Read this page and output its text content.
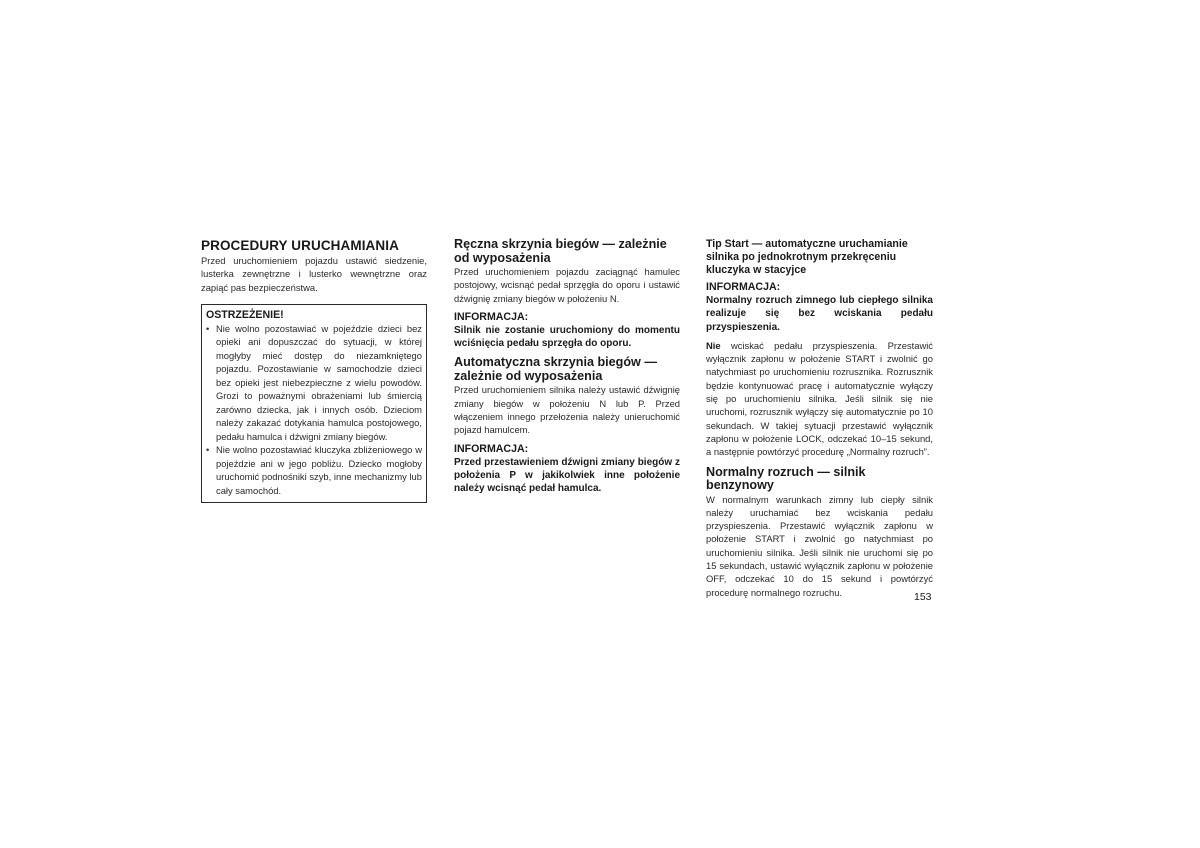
PROCEDURY URUCHAMIANIA

Przed uruchomieniem pojazdu ustawić siedzenie, lusterka zewnętrzne i lusterko wewnętrzne oraz zapiąć pas bezpieczeństwa.

OSTRZEŻENIE!

• Nie wolno pozostawiać w pojeździe dzieci bez opieki ani dopuszczać do sytuacji, w której mogłyby mieć dostęp do niezamkniętego pojazdu. Pozostawianie w samochodzie dzieci bez opieki jest niebezpieczne z wielu powodów. Grozi to poważnymi obrażeniami lub śmiercią zarówno dziecka, jak i innych osób. Dzieciom należy zakazać dotykania hamulca postojowego, pedału hamulca i dźwigni zmiany biegów.
• Nie wolno pozostawiać kluczyka zbliżeniowego w pojeździe ani w jego pobliżu. Dziecko mogłoby uruchomić podnośniki szyb, inne mechanizmy lub cały samochód.
Ręczna skrzynia biegów — zależnie od wyposażenia

Przed uruchomieniem pojazdu zaciągnąć hamulec postojowy, wcisnąć pedał sprzęgła do oporu i ustawić dźwignię zmiany biegów w położeniu N.

INFORMACJA:

Silnik nie zostanie uruchomiony do momentu wciśnięcia pedału sprzęgła do oporu.

Automatyczna skrzynia biegów — zależnie od wyposażenia

Przed uruchomieniem silnika należy ustawić dźwignię zmiany biegów w położeniu N lub P. Przed włączeniem innego przełożenia należy unieruchomić pojazd hamulcem.

INFORMACJA:

Przed przestawieniem dźwigni zmiany biegów z położenia P w jakikolwiek inne położenie należy wcisnąć pedał hamulca.

Tip Start — automatyczne uruchamianie silnika po jednokrotnym przekręceniu kluczyka w stacyjce

INFORMACJA:

Normalny rozruch zimnego lub ciepłego silnika realizuje się bez wciskania pedału przyspieszenia.

Nie wciskać pedału przyspieszenia. Przestawić wyłącznik zapłonu w położenie START i zwolnić go natychmiast po uruchomieniu rozrusznika. Rozrusznik będzie kontynuować pracę i automatycznie wyłączy się po uruchomieniu silnika. Jeśli silnik się nie uruchomi, rozrusznik wyłączy się automatycznie po 10 sekundach. W takiej sytuacji przestawić wyłącznik zapłonu w położenie LOCK, odczekać 10–15 sekund, a następnie powtórzyć procedurę „Normalny rozruch”.

Normalny rozruch — silnik benzynowy

W normalnym warunkach zimny lub ciepły silnik należy uruchamiać bez wciskania pedału przyspieszenia. Przestawić wyłącznik zapłonu w położenie START i zwolnić go natychmiast po uruchomieniu silnika. Jeśli silnik nie uruchomi się po 15 sekundach, ustawić wyłącznik zapłonu w położenie OFF, odczekać 10 do 15 sekund i powtórzyć procedurę normalnego rozruchu.	153
